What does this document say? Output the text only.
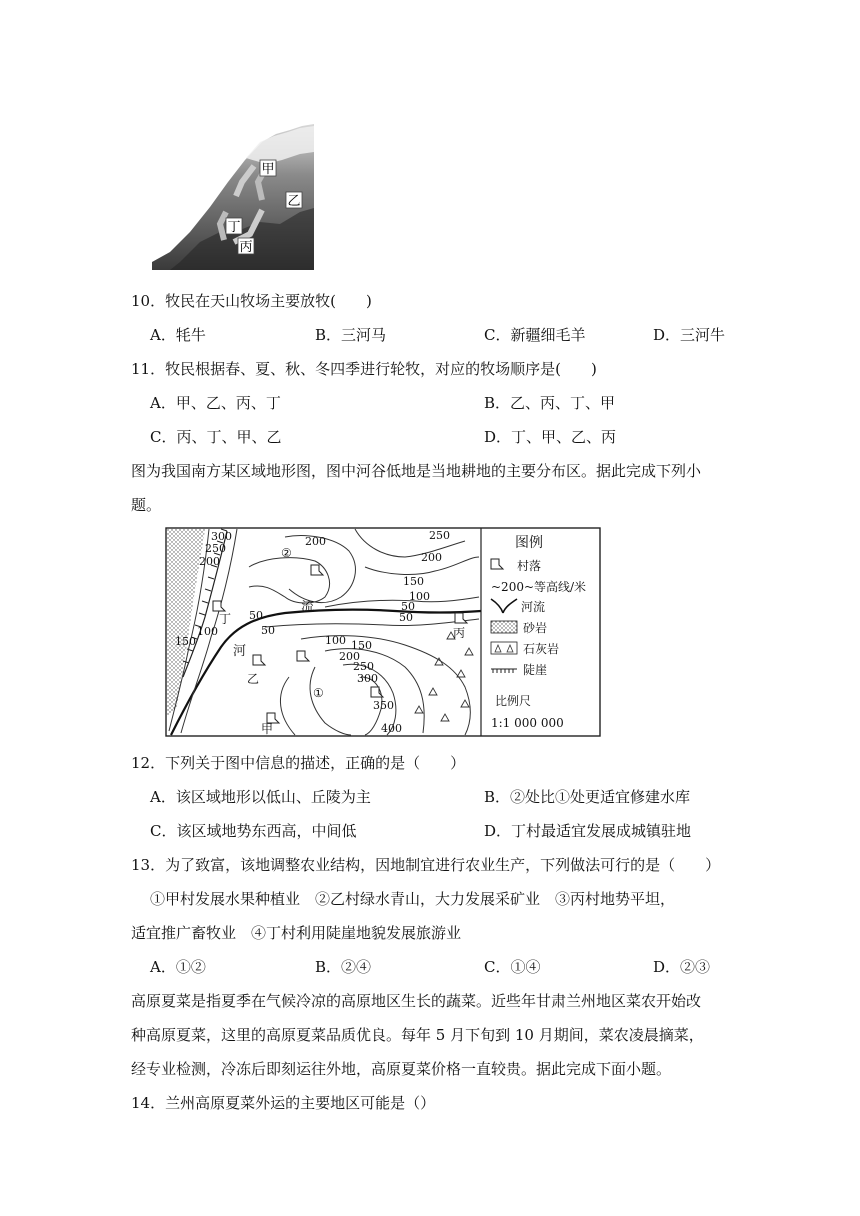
甲
乙
丙
丁
10．牧民在天山牧场主要放牧(　　)
A．牦牛	B．三河马	C．新疆细毛羊	D．三河牛
11．牧民根据春、夏、秋、冬四季进行轮牧，对应的牧场顺序是(　　)
A．甲、乙、丙、丁	B．乙、丙、丁、甲
C．丙、丁、甲、乙	D．丁、甲、乙、丙
图为我国南方某区域地形图，图中河谷低地是当地耕地的主要分布区。据此完成下列小
题。
300
250
200
150
100
50
200
200
250
150
100
50
50
50
100 150
200
250
300
350
400
流
河
丁
乙
丙
甲
②
①
图例
村落
~200~等高线/米
河流
砂岩
石灰岩
陡崖
比例尺
1:1 000 000
12．下列关于图中信息的描述，正确的是（　　）
A．该区域地形以低山、丘陵为主	B．②处比①处更适宜修建水库
C．该区域地势东西高，中间低	D．丁村最适宜发展成城镇驻地
13．为了致富，该地调整农业结构，因地制宜进行农业生产，下列做法可行的是（　　）
①甲村发展水果种植业　②乙村绿水青山，大力发展采矿业　③丙村地势平坦，
适宜推广畜牧业　④丁村利用陡崖地貌发展旅游业
A．①②	B．②④	C．①④	D．②③
高原夏菜是指夏季在气候冷凉的高原地区生长的蔬菜。近些年甘肃兰州地区菜农开始改
种高原夏菜，这里的高原夏菜品质优良。每年 5 月下旬到 10 月期间，菜农凌晨摘菜，
经专业检测，冷冻后即刻运往外地，高原夏菜价格一直较贵。据此完成下面小题。
14．兰州高原夏菜外运的主要地区可能是（）
